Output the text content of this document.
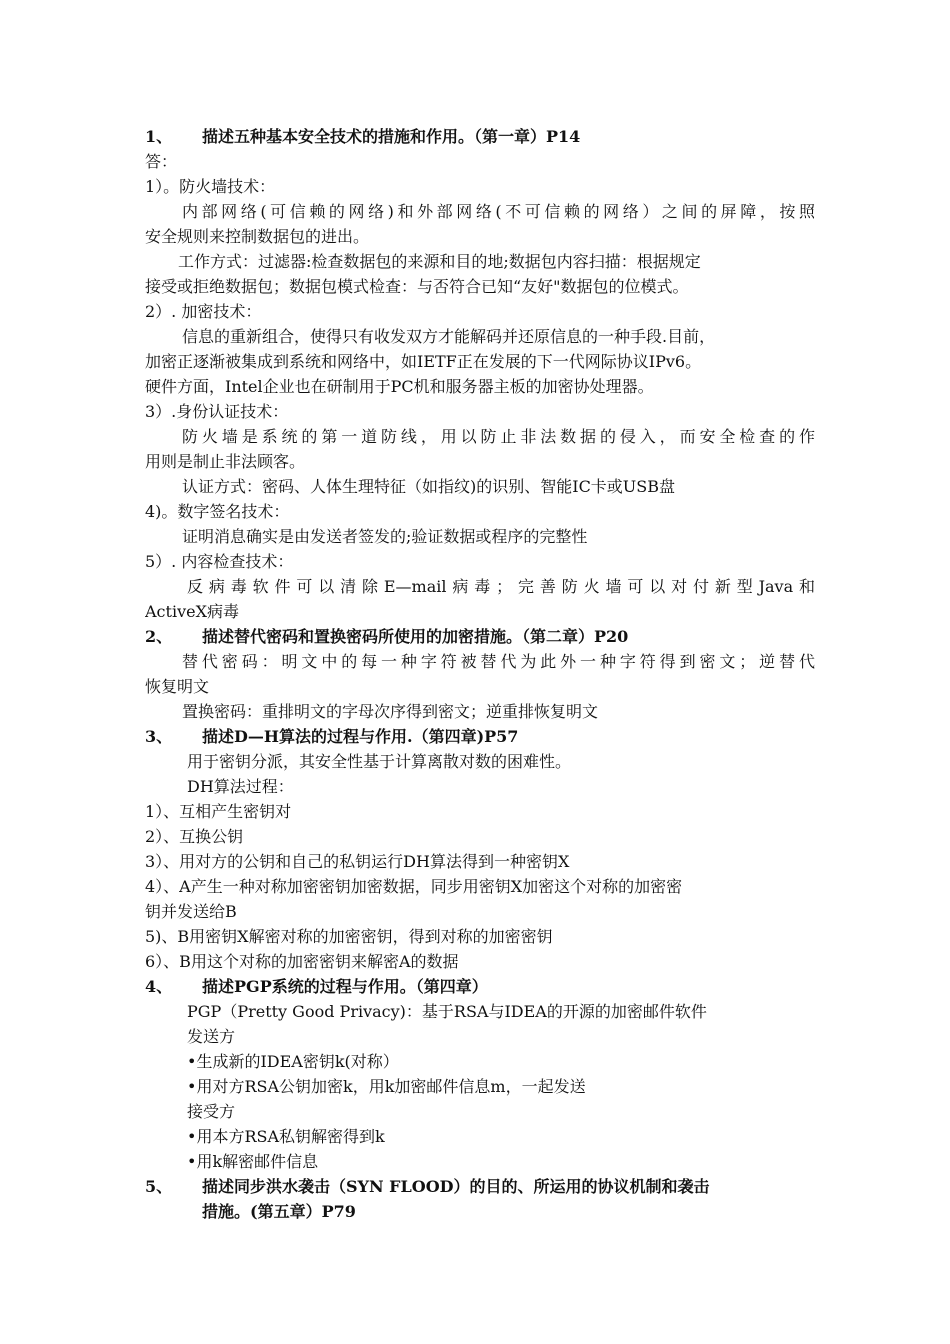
1、 描述五种基本安全技术的措施和作用。（第一章）P14
答：
1）。防火墙技术：
内部网络(可信赖的网络)和外部网络(不可信赖的网络）之间的屏障，按照
安全规则来控制数据包的进出。
工作方式：过滤器:检查数据包的来源和目的地;数据包内容扫描：根据规定
接受或拒绝数据包；数据包模式检查：与否符合已知“友好"数据包的位模式。
2）. 加密技术：
信息的重新组合，使得只有收发双方才能解码并还原信息的一种手段.目前，
加密正逐渐被集成到系统和网络中，如IETF正在发展的下一代网际协议IPv6。
硬件方面，Intel企业也在研制用于PC机和服务器主板的加密协处理器。
3）.身份认证技术：
防火墙是系统的第一道防线，用以防止非法数据的侵入，而安全检查的作
用则是制止非法顾客。
认证方式：密码、人体生理特征（如指纹)的识别、智能IC卡或USB盘
4)。数字签名技术：
证明消息确实是由发送者签发的;验证数据或程序的完整性
5）. 内容检查技术：
反病毒软件可以清除E—mail病毒；完善防火墙可以对付新型Java和
ActiveX病毒
2、 描述替代密码和置换密码所使用的加密措施。（第二章）P20
替代密码：明文中的每一种字符被替代为此外一种字符得到密文；逆替代
恢复明文
置换密码：重排明文的字母次序得到密文；逆重排恢复明文
3、 描述D—H算法的过程与作用.（第四章)P57
用于密钥分派，其安全性基于计算离散对数的困难性。
DH算法过程：
1）、互相产生密钥对
2）、互换公钥
3）、用对方的公钥和自己的私钥运行DH算法得到一种密钥X
4）、A产生一种对称加密密钥加密数据，同步用密钥X加密这个对称的加密密
钥并发送给B
5)、B用密钥X解密对称的加密密钥，得到对称的加密密钥
6）、B用这个对称的加密密钥来解密A的数据
4、 描述PGP系统的过程与作用。（第四章）
PGP（Pretty Good Privacy)：基于RSA与IDEA的开源的加密邮件软件
发送方
•生成新的IDEA密钥k(对称）
•用对方RSA公钥加密k，用k加密邮件信息m，一起发送
接受方
•用本方RSA私钥解密得到k
•用k解密邮件信息
5、 描述同步洪水袭击（SYN FLOOD）的目的、所运用的协议机制和袭击
措施。(第五章）P79
